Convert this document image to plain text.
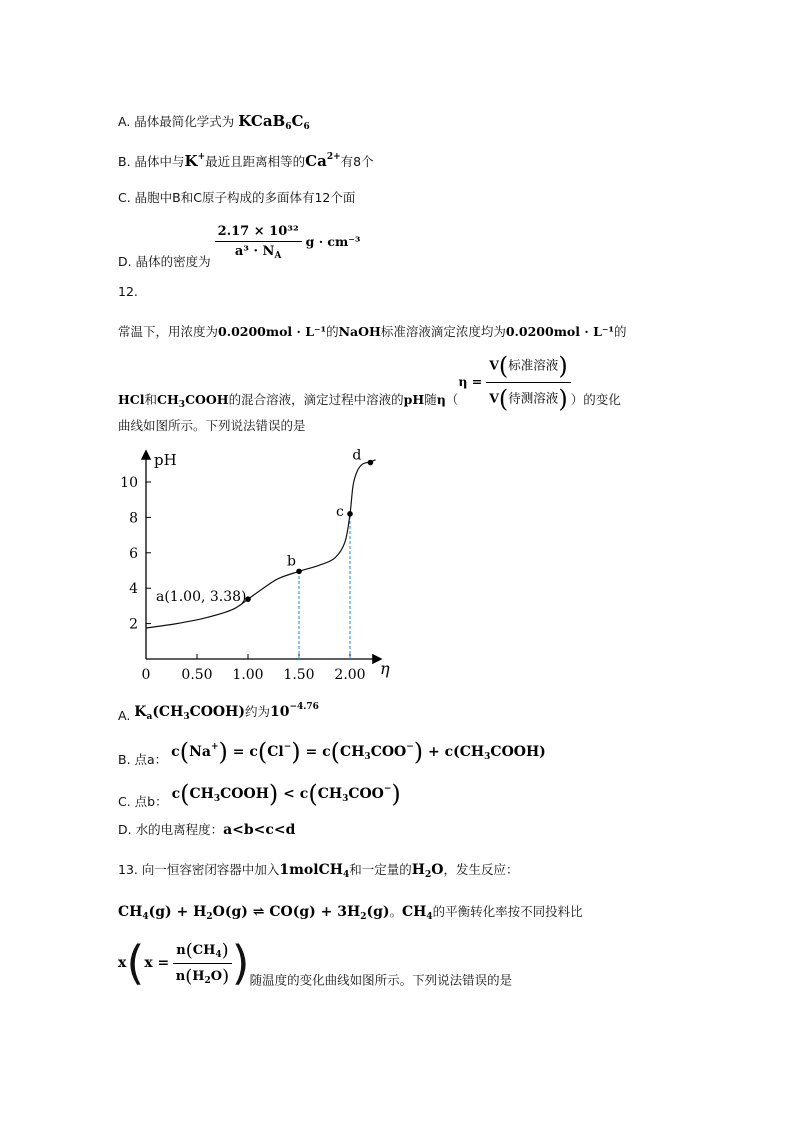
A. 晶体最简化学式为 $KCaB_6C_6$
B. 晶体中与K+最近且距离相等的$Ca^{2+}$有8个
C. 晶胞中B和C原子构成的多面体有12个面
D. 晶体的密度为
$\frac{\text{2.17 × 10³²}}{a^3 \cdot N_A}$ g · cm⁻³
12.
常温下，用浓度为0.0200mol · L⁻¹的NaOH标准溶液滴定浓度均为0.0200mol · L⁻¹的
HCl和$CH_3COOH$的混合溶液，滴定过程中溶液的pH随$\eta(\eta = \frac{\text{V(标准溶液)}}{\text{V(待测溶液)}}$ ）的变化
曲线如图所示。下列说法错误的是
pH
η
0 0.50 1.00 1.50 2.00
2
4
6
8
10
a(1.00, 3.38)
b
c
d
A. $K_a(CH_3COOH)$约为$10^{-4.76}$
B. 点a： $c(Na^+) = c(Cl^-) = c(CH_3COO^-)$ + $c(CH_3COOH)$
C. 点b： $c(CH_3COOH) < c(CH_3COO^-)$
D. 水的电离程度：a<b<c<d
13. 向一恒容密闭容器中加入1molCH$_4$和一定量的$H_2O$，发生反应：
$CH_4(g) + H_2O(g)$ ⇌ $CO(g) + 3H_2(g)$。$CH_4$的平衡转化率按不同投料比
$x(x = \frac{n(CH_4)}{n(H_2O)}$ )随温度的变化曲线如图所示。下列说法错误的是
